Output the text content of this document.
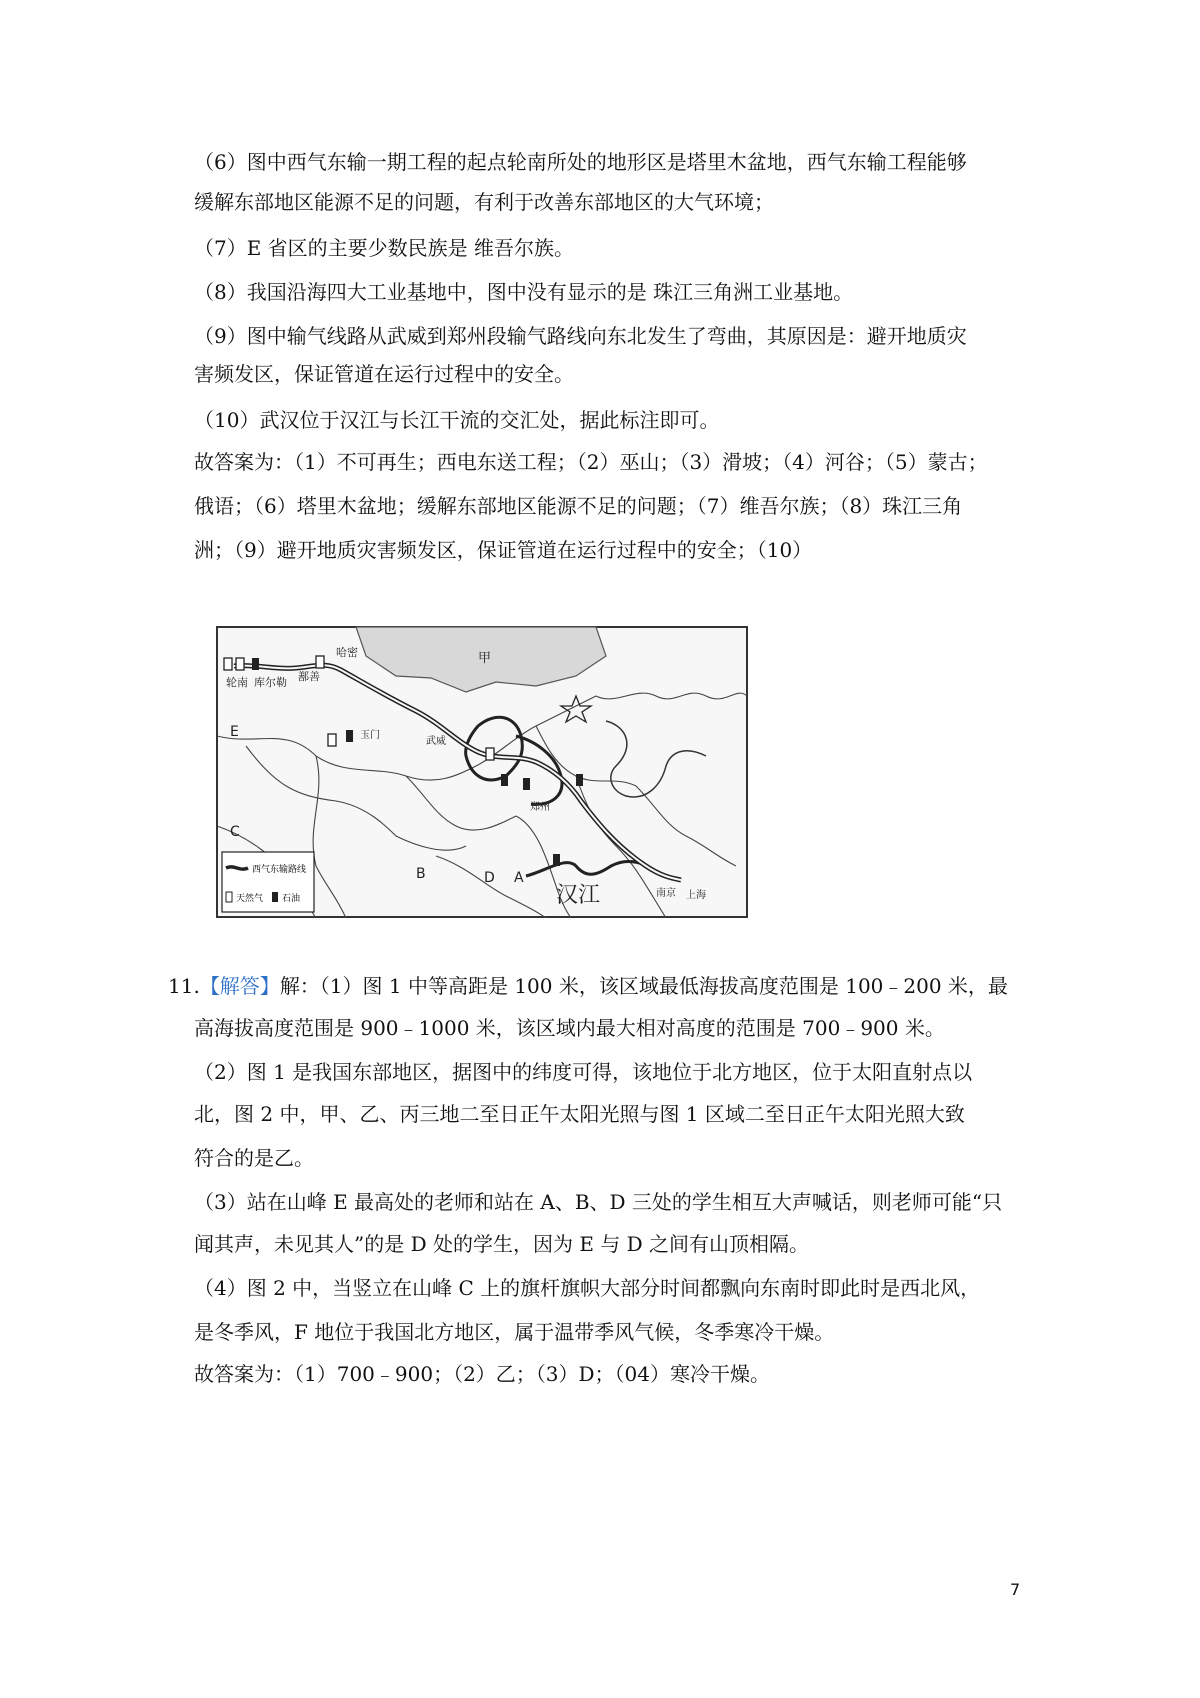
（6）图中西气东输一期工程的起点轮南所处的地形区是塔里木盆地，西气东输工程能够
缓解东部地区能源不足的问题，有利于改善东部地区的大气环境；
（7）E 省区的主要少数民族是 维吾尔族。
（8）我国沿海四大工业基地中，图中没有显示的是 珠江三角洲工业基地。
（9）图中输气线路从武威到郑州段输气路线向东北发生了弯曲，其原因是：避开地质灾
害频发区，保证管道在运行过程中的安全。
（10）武汉位于汉江与长江干流的交汇处，据此标注即可。
故答案为：（1）不可再生；西电东送工程；（2）巫山；（3）滑坡；（4）河谷；（5）蒙古；
俄语；（6）塔里木盆地；缓解东部地区能源不足的问题；（7）维吾尔族；（8）珠江三角
洲；（9）避开地质灾害频发区，保证管道在运行过程中的安全；（10）
轮南 库尔勒 鄯善
哈密	甲
E
C
B	D A
玉门
武威
郑州
南京 上海
汉江
西气东输路线
天然气 石油
11.【解答】解：（1）图 1 中等高距是 100 米，该区域最低海拔高度范围是 100﹣200 米，最
高海拔高度范围是 900﹣1000 米，该区域内最大相对高度的范围是 700﹣900 米。
（2）图 1 是我国东部地区，据图中的纬度可得，该地位于北方地区，位于太阳直射点以
北，图 2 中，甲、乙、丙三地二至日正午太阳光照与图 1 区域二至日正午太阳光照大致
符合的是乙。
（3）站在山峰 E 最高处的老师和站在 A、B、D 三处的学生相互大声喊话，则老师可能“只
闻其声，未见其人”的是 D 处的学生，因为 E 与 D 之间有山顶相隔。
（4）图 2 中，当竖立在山峰 C 上的旗杆旗帜大部分时间都飘向东南时即此时是西北风，
是冬季风，F 地位于我国北方地区，属于温带季风气候，冬季寒冷干燥。
故答案为：（1）700﹣900；（2）乙；（3）D；（04）寒冷干燥。
7
